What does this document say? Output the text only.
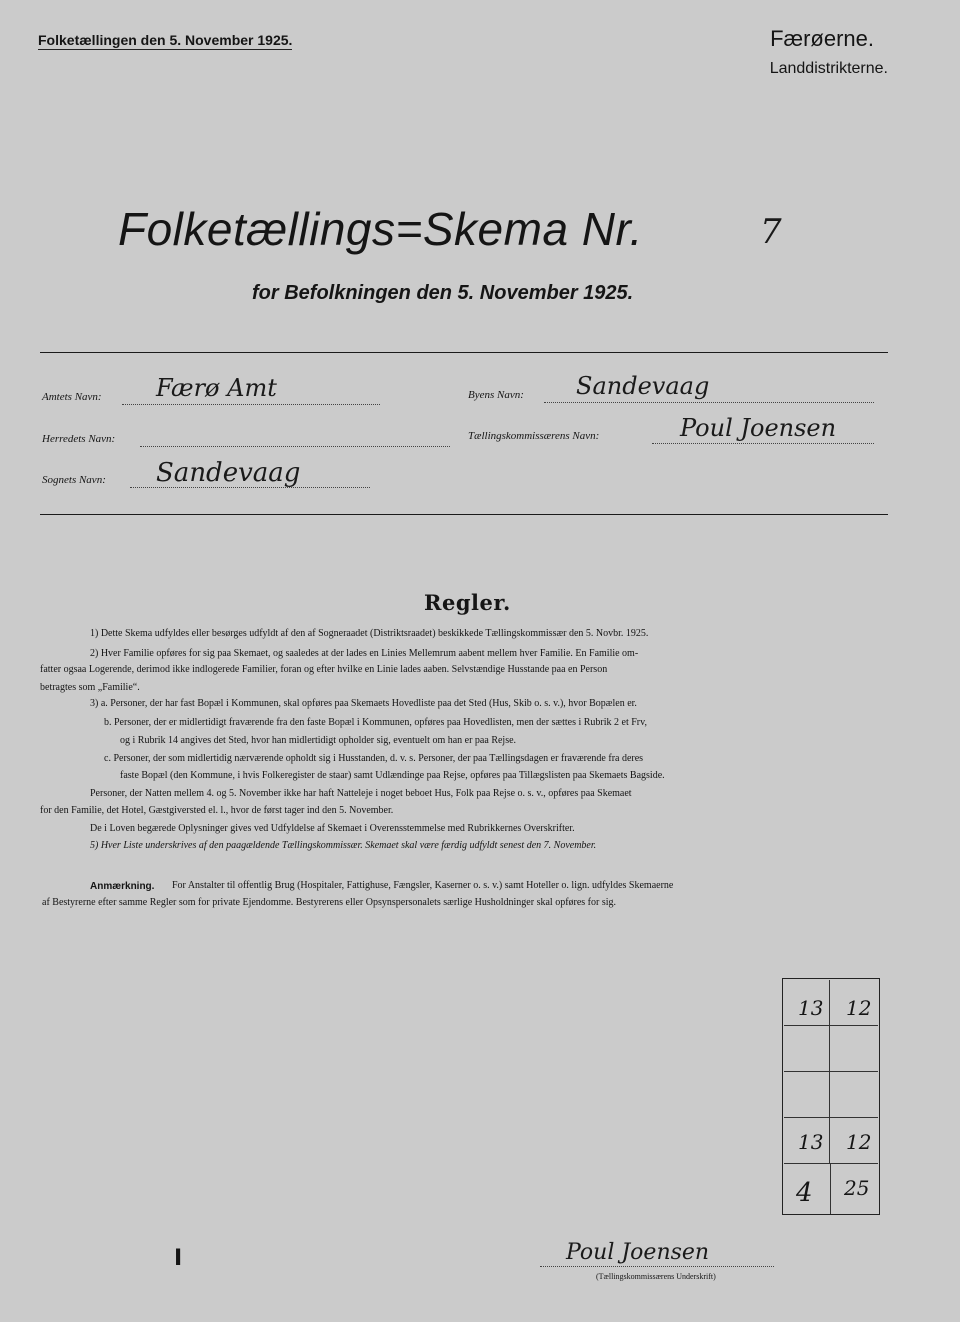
Folketællingen den 5. November 1925.	Færøerne.
Landdistrikterne.
Folketællings=Skema Nr.	7
for Befolkningen den 5. November 1925.
Amtets Navn: Færø Amt	Byens Navn: Sandevaag
Herredets Navn:	Tællingskommissærens Navn:	Poul Joensen
Sognets Navn: Sandevaag
Regler.
1) Dette Skema udfyldes eller besørges udfyldt af den af Sogneraadet (Distriktsraadet) beskikkede Tællingskommissær den 5. Novbr. 1925.
2) Hver Familie opføres for sig paa Skemaet, og saaledes at der lades en Linies Mellemrum aabent mellem hver Familie. En Familie om-
fatter ogsaa Logerende, derimod ikke indlogerede Familier, foran og efter hvilke en Linie lades aaben. Selvstændige Husstande paa en Person
betragtes som „Familie“.
3) a. Personer, der har fast Bopæl i Kommunen, skal opføres paa Skemaets Hovedliste paa det Sted (Hus, Skib o. s. v.), hvor Bopælen er.
b. Personer, der er midlertidigt fraværende fra den faste Bopæl i Kommunen, opføres paa Hovedlisten, men der sættes i Rubrik 2 et Frv,
og i Rubrik 14 angives det Sted, hvor han midlertidigt opholder sig, eventuelt om han er paa Rejse.
c. Personer, der som midlertidig nærværende opholdt sig i Husstanden, d. v. s. Personer, der paa Tællingsdagen er fraværende fra deres
faste Bopæl (den Kommune, i hvis Folkeregister de staar) samt Udlændinge paa Rejse, opføres paa Tillægslisten paa Skemaets Bagside.
Personer, der Natten mellem 4. og 5. November ikke har haft Natteleje i noget beboet Hus, Folk paa Rejse o. s. v., opføres paa Skemaet
for den Familie, det Hotel, Gæstgiversted el. l., hvor de først tager ind den 5. November.
De i Loven begærede Oplysninger gives ved Udfyldelse af Skemaet i Overensstemmelse med Rubrikkernes Overskrifter.
5) Hver Liste underskrives af den paagældende Tællingskommissær. Skemaet skal være færdig udfyldt senest den 7. November.
Anmærkning. For Anstalter til offentlig Brug (Hospitaler, Fattighuse, Fængsler, Kaserner o. s. v.) samt Hoteller o. lign. udfyldes Skemaerne
af Bestyrerne efter samme Regler som for private Ejendomme. Bestyrerens eller Opsynspersonalets særlige Husholdninger skal opføres for sig.
13 12
13 12
4 25
Poul Joensen
(Tællingskommissærens Underskrift)
I
